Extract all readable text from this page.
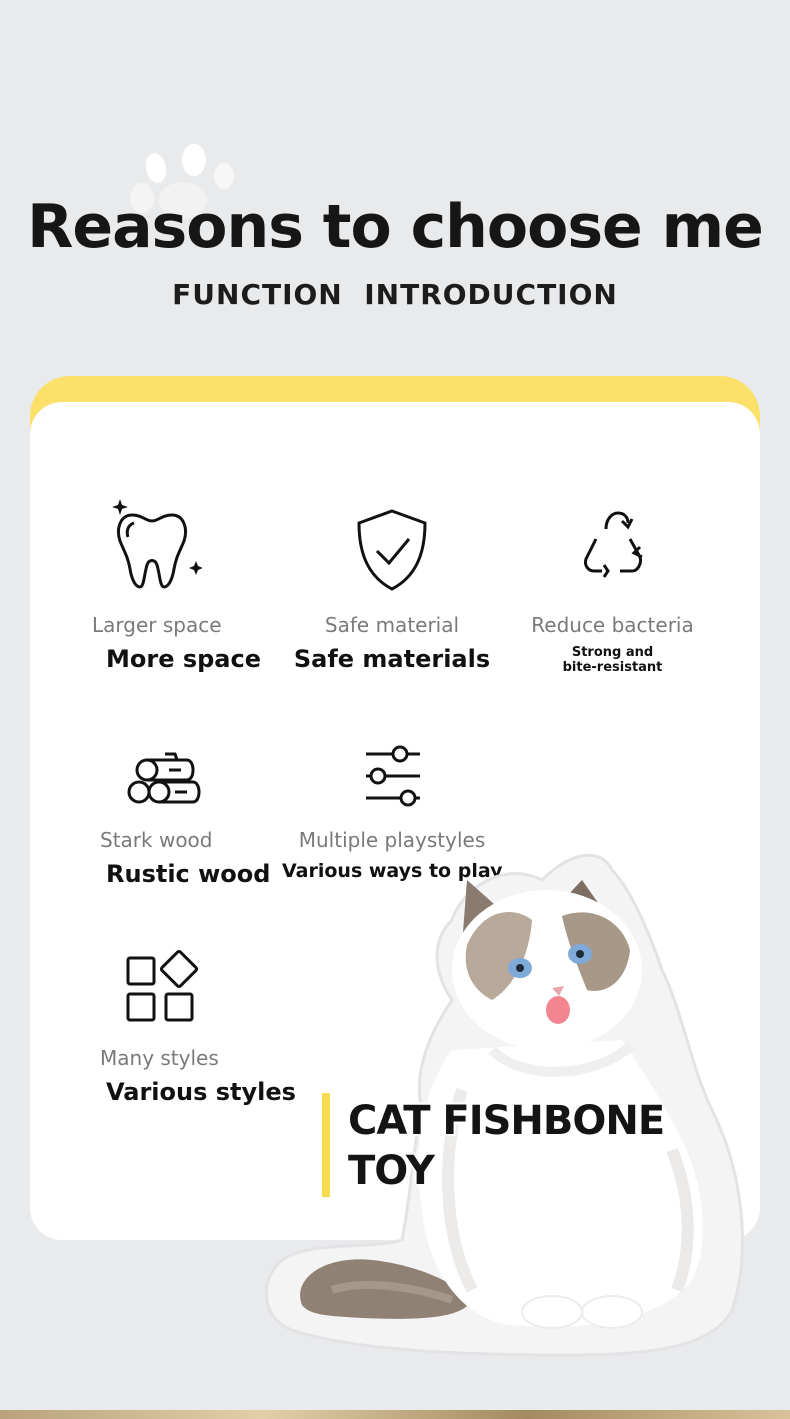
Reasons to choose me
FUNCTION  INTRODUCTION
Larger space
More space
Safe material
Safe materials
Reduce bacteria
Strong and
bite-resistant
Stark wood
Rustic wood
Multiple playstyles
Various ways to play
Many styles
Various styles
CAT FISHBONE
TOY
